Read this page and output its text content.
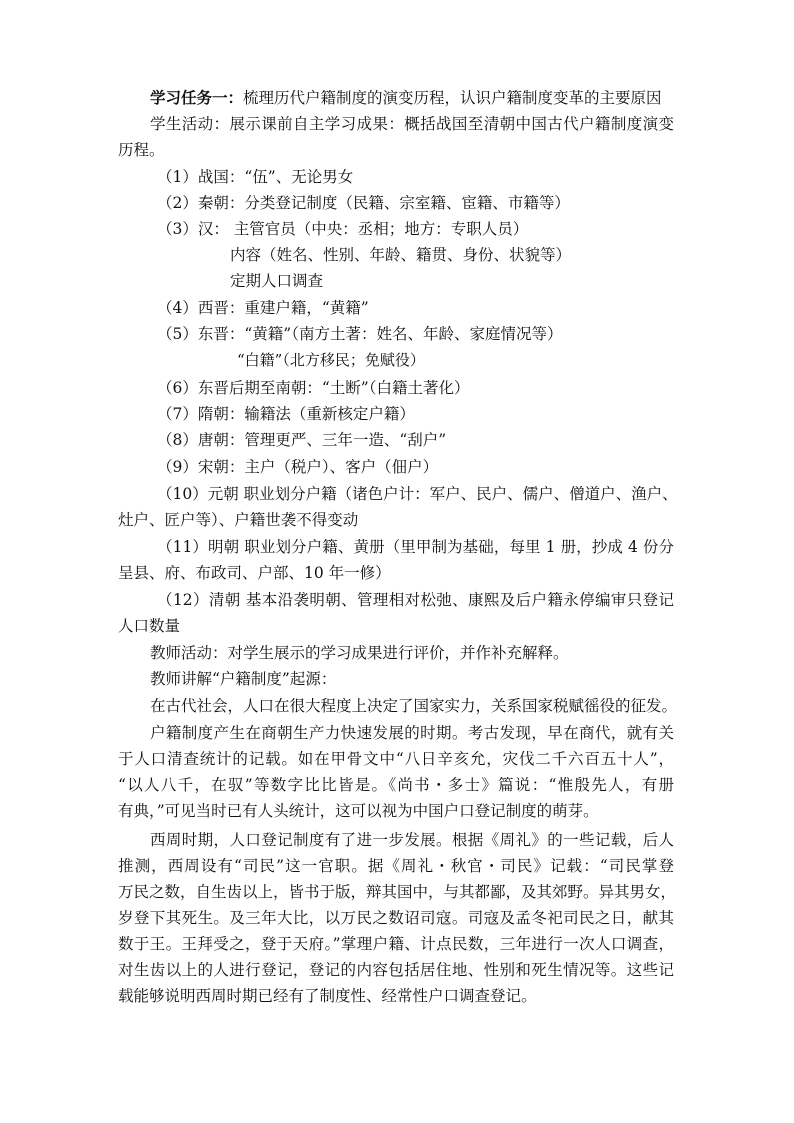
学习任务一：梳理历代户籍制度的演变历程，认识户籍制度变革的主要原因
学生活动：展示课前自主学习成果：概括战国至清朝中国古代户籍制度演变
历程。
（1）战国：“伍”、无论男女
（2）秦朝：分类登记制度（民籍、宗室籍、宦籍、市籍等）
（3）汉： 主管官员（中央：丞相；地方：专职人员）
内容（姓名、性别、年龄、籍贯、身份、状貌等）
定期人口调查
（4）西晋：重建户籍，“黄籍”
（5）东晋：“黄籍”（南方土著：姓名、年龄、家庭情况等）
“白籍”（北方移民；免赋役）
（6）东晋后期至南朝：“土断”（白籍土著化）
（7）隋朝：输籍法（重新核定户籍）
（8）唐朝：管理更严、三年一造、“刮户”
（9）宋朝：主户（税户）、客户（佃户）
（10）元朝 职业划分户籍（诸色户计：军户、民户、儒户、僧道户、渔户、
灶户、匠户等）、户籍世袭不得变动
（11）明朝 职业划分户籍、黄册（里甲制为基础，每里 1 册，抄成 4 份分
呈县、府、布政司、户部、10 年一修）
（12）清朝 基本沿袭明朝、管理相对松弛、康熙及后户籍永停编审只登记
人口数量
教师活动：对学生展示的学习成果进行评价，并作补充解释。
教师讲解“户籍制度”起源：
在古代社会，人口在很大程度上决定了国家实力，关系国家税赋徭役的征发。
户籍制度产生在商朝生产力快速发展的时期。考古发现，早在商代，就有关
于人口清查统计的记载。如在甲骨文中“八日辛亥允，灾伐二千六百五十人”，
“以人八千，在驭”等数字比比皆是。《尚书・多士》篇说：“惟殷先人，有册
有典，”可见当时已有人头统计，这可以视为中国户口登记制度的萌芽。
西周时期，人口登记制度有了进一步发展。根据《周礼》的一些记载，后人
推测，西周设有“司民”这一官职。据《周礼・秋官・司民》记载：“司民掌登
万民之数，自生齿以上，皆书于版，辩其国中，与其都鄙，及其郊野。异其男女，
岁登下其死生。及三年大比，以万民之数诏司寇。司寇及孟冬祀司民之日，献其
数于王。王拜受之，登于天府。”掌理户籍、计点民数，三年进行一次人口调查，
对生齿以上的人进行登记，登记的内容包括居住地、性别和死生情况等。这些记
载能够说明西周时期已经有了制度性、经常性户口调查登记。
